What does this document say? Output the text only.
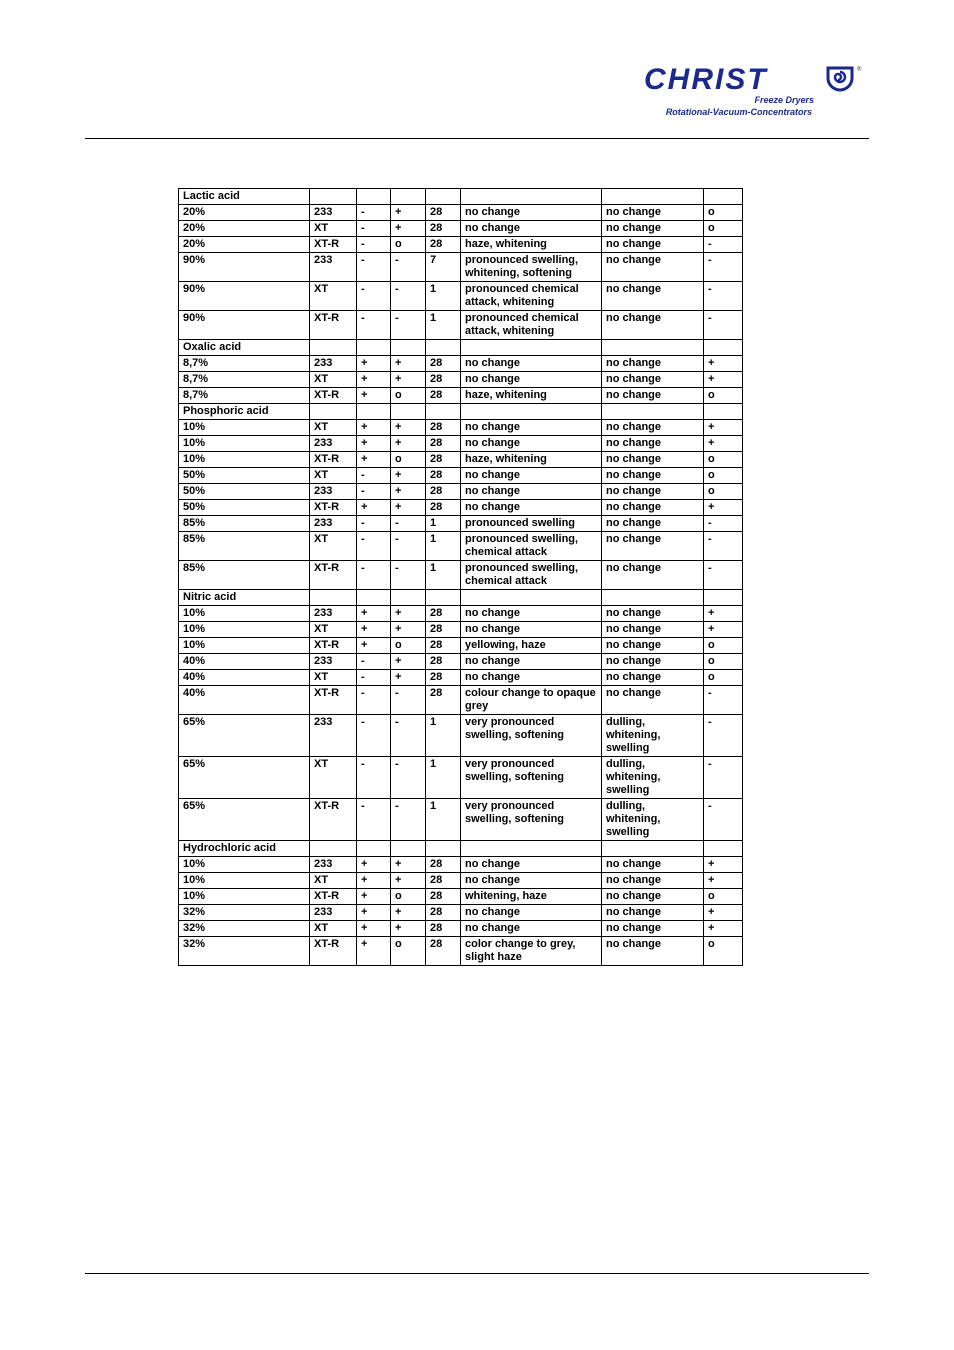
CHRIST	®
Freeze Dryers
Rotational-Vacuum-Concentrators
Lactic acid							
20%	233	-	+	28	no change	no change	o
20%	XT	-	+	28	no change	no change	o
20%	XT-R	-	o	28	haze, whitening	no change	-
90%	233	-	-	7	pronounced swelling, whitening, softening	no change	-
90%	XT	-	-	1	pronounced chemical attack, whitening	no change	-
90%	XT-R	-	-	1	pronounced chemical attack, whitening	no change	-
Oxalic acid							
8,7%	233	+	+	28	no change	no change	+
8,7%	XT	+	+	28	no change	no change	+
8,7%	XT-R	+	o	28	haze, whitening	no change	o
Phosphoric acid							
10%	XT	+	+	28	no change	no change	+
10%	233	+	+	28	no change	no change	+
10%	XT-R	+	o	28	haze, whitening	no change	o
50%	XT	-	+	28	no change	no change	o
50%	233	-	+	28	no change	no change	o
50%	XT-R	+	+	28	no change	no change	+
85%	233	-	-	1	pronounced swelling	no change	-
85%	XT	-	-	1	pronounced swelling, chemical attack	no change	-
85%	XT-R	-	-	1	pronounced swelling, chemical attack	no change	-
Nitric acid							
10%	233	+	+	28	no change	no change	+
10%	XT	+	+	28	no change	no change	+
10%	XT-R	+	o	28	yellowing, haze	no change	o
40%	233	-	+	28	no change	no change	o
40%	XT	-	+	28	no change	no change	o
40%	XT-R	-	-	28	colour change to opaque grey	no change	-
65%	233	-	-	1	very pronounced swelling, softening	dulling, whitening, swelling	-
65%	XT	-	-	1	very pronounced swelling, softening	dulling, whitening, swelling	-
65%	XT-R	-	-	1	very pronounced swelling, softening	dulling, whitening, swelling	-
Hydrochloric acid							
10%	233	+	+	28	no change	no change	+
10%	XT	+	+	28	no change	no change	+
10%	XT-R	+	o	28	whitening, haze	no change	o
32%	233	+	+	28	no change	no change	+
32%	XT	+	+	28	no change	no change	+
32%	XT-R	+	o	28	color change to grey, slight haze	no change	o
